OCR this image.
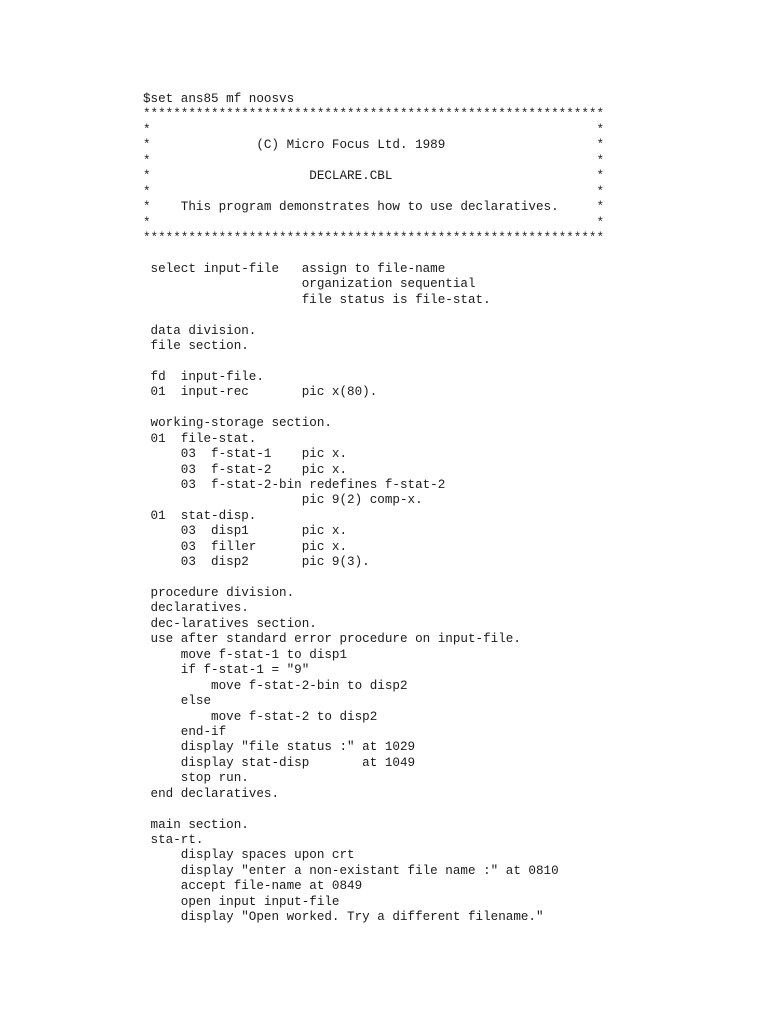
$set ans85 mf noosvs
*************************************************************
*                                                           *
*              (C) Micro Focus Ltd. 1989                    *
*                                                           *
*                     DECLARE.CBL                           *
*                                                           *
*    This program demonstrates how to use declaratives.     *
*                                                           *
*************************************************************
select input-file   assign to file-name
organization sequential
file status is file-stat.
data division.
file section.
fd  input-file.
01  input-rec       pic x(80).
working-storage section.
01  file-stat.
03  f-stat-1    pic x.
03  f-stat-2    pic x.
03  f-stat-2-bin redefines f-stat-2
pic 9(2) comp-x.
01  stat-disp.
03  disp1       pic x.
03  filler      pic x.
03  disp2       pic 9(3).
procedure division.
declaratives.
dec-laratives section.
use after standard error procedure on input-file.
move f-stat-1 to disp1
if f-stat-1 = "9"
move f-stat-2-bin to disp2
else
move f-stat-2 to disp2
end-if
display "file status :" at 1029
display stat-disp       at 1049
stop run.
end declaratives.
main section.
sta-rt.
display spaces upon crt
display "enter a non-existant file name :" at 0810
accept file-name at 0849
open input input-file
display "Open worked. Try a different filename."
